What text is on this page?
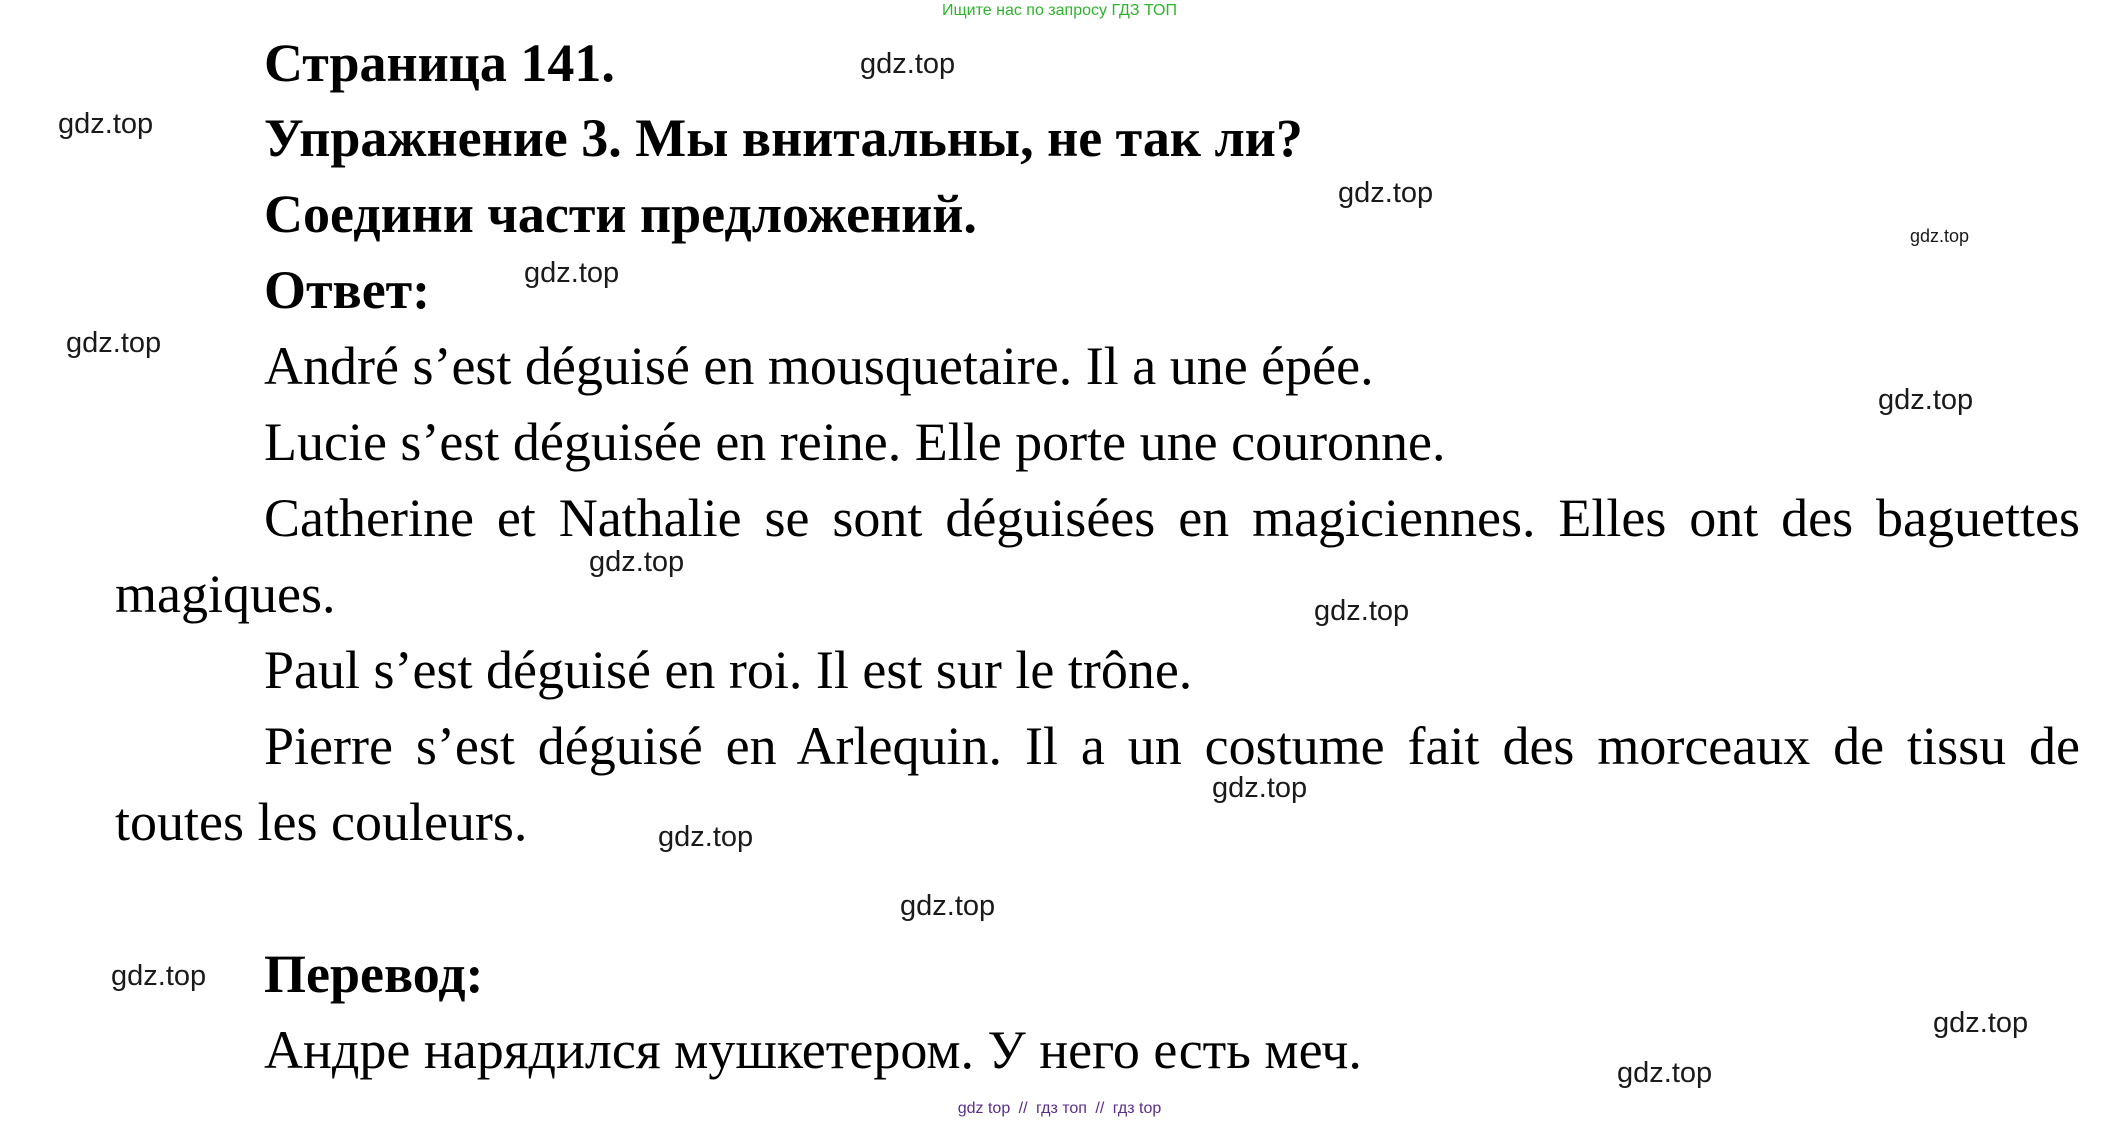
Ищите нас по запросу ГДЗ ТОП
Страница 141.
Упражнение 3. Мы внитальны, не так ли?
Соедини части предложений.
Ответ:
André s’est déguisé en mousquetaire. Il a une épée.
Lucie s’est déguisée en reine. Elle porte une couronne.
Catherine et Nathalie se sont déguisées en magiciennes. Elles ont des baguettes magiques.
Paul s’est déguisé en roi. Il est sur le trône.
Pierre s’est déguisé en Arlequin. Il a un costume fait des morceaux de tissu de toutes les couleurs.
Перевод:
Андре нарядился мушкетером. У него есть меч.
gdz.top
gdz.top
gdz.top
gdz.top
gdz.top
gdz.top
gdz.top
gdz.top
gdz.top
gdz.top
gdz.top
gdz.top
gdz.top
gdz.top
gdz.top
gdz top // гдз топ // гдз top
